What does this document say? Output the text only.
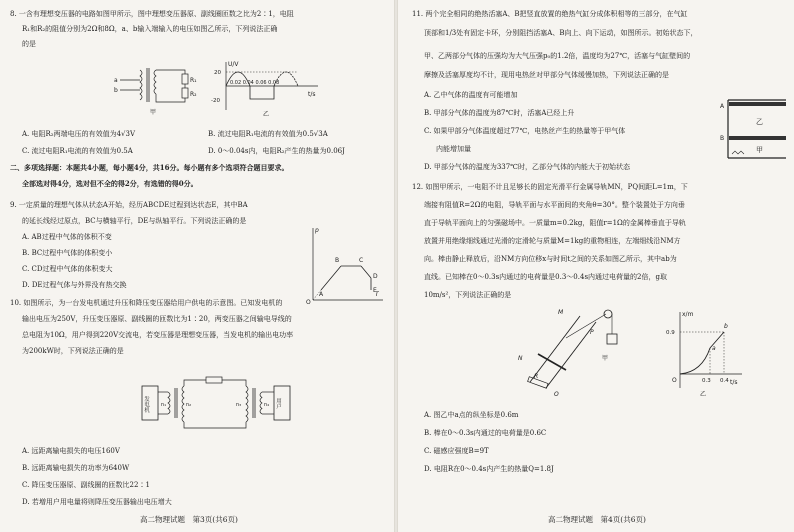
8. 一含有理想变压器的电路如图甲所示，图中理想变压器原、副线圈匝数之比为2∶1，电阻
R₁和R₂的阻值分别为2Ω和8Ω，a、b输入端输入的电压如图乙所示，下列说法正确
的是
a
b
R₁
R₂
甲
U/V
t/s
20
-20
0.02 0.04 0.06 0.08
乙
A. 电阻R₂两端电压的有效值为4√3V	B. 流过电阻R₁电流的有效值为0.5√3A
C. 流过电阻R₁电流的有效值为0.5A	D. 0～0.04s内，电阻R₂产生的热量为0.06J
二、多项选择题：本题共4小题，每小题4分，共16分。每小题有多个选项符合题目要求。
全部选对得4分，选对但不全的得2分，有选错的得0分。
9. 一定质量的理想气体从状态A开始，经历ABCDE过程到达状态E，其中BA
的延长线经过原点，BC与横轴平行，DE与纵轴平行。下列说法正确的是
A. AB过程中气体的体积不变
B. BC过程中气体的体积变小
C. CD过程中气体的体积变大
D. DE过程气体与外界没有热交换
p
T
O
A
B	C
D
E
10. 如图所示，为一台发电机通过升压和降压变压器给用户供电的示意图。已知发电机的
输出电压为250V，升压变压器原、副线圈的匝数比为1∶20，两变压器之间输电导线的
总电阻为10Ω，用户得到220V交流电，若变压器是理想变压器，当发电机的输出电功率
为200kW时，下列说法正确的是
发电机 n₁	n₂	n₃	n₄ 用户
A. 远距离输电损失的电压160V
B. 远距离输电损失的功率为640W
C. 降压变压器原、副线圈的匝数比22∶1
D. 若増用户用电量将则降压变压器输出电压增大
高二物理试题　第3页(共6页)
11. 两个完全相同的绝热活塞A、B把竖直放置的绝热气缸分成体积相等的三部分，在气缸
顶部和1/3处有固定卡环，分别阻挡活塞A、B向上、向下运动，如图所示。初始状态下，
甲、乙两部分气体的压强均为大气压强p₀的1.2倍，温度均为27℃，活塞与气缸壁间的
摩擦及活塞厚度均不计，现用电热丝对甲部分气体缓慢加热，下列说法正确的是
A. 乙中气体的温度有可能增加
B. 甲部分气体的温度为87℃时，活塞A已经上升
C. 如果甲部分气体温度超过77℃，电热丝产生的热量等于甲气体
内能增加量
D. 甲部分气体的温度为337℃时，乙部分气体的内能大于初始状态
A
乙
B
甲
12. 如图甲所示，一电阻不计且足够长的固定光滑平行金属导轨MN，PQ间距L=1m，下
端接有阻值R=2Ω的电阻，导轨平面与水平面间的夹角θ=30°。整个装置处于方向垂
直于导轨平面向上的匀强磁场中。一质量m=0.2kg，阻值r=1Ω的金属棒垂直于导轨
放置并用绝缘细线通过光滑的定滑轮与质量M=1kg的重物相连，左端细线沿NM方
向。棒由静止释放后，沿NM方向位移x与时间t之间的关系如图乙所示，其中ab为
直线。已知棒在0～0.3s内通过的电荷量是0.3～0.4s内通过电荷量的2倍，g取
10m/s²，下列说法正确的是
M
N
P
Q
R
甲
x/m
t/s
O
0.9
a
b
0.3 0.4
乙
A. 图乙中a点的纵坐标是0.6m
B. 棒在0～0.3s内通过的电荷量是0.6C
C. 磁感应强度B=9T
D. 电阻R在0～0.4s内产生的热量Q=1.8J
高二物理试题　第4页(共6页)
